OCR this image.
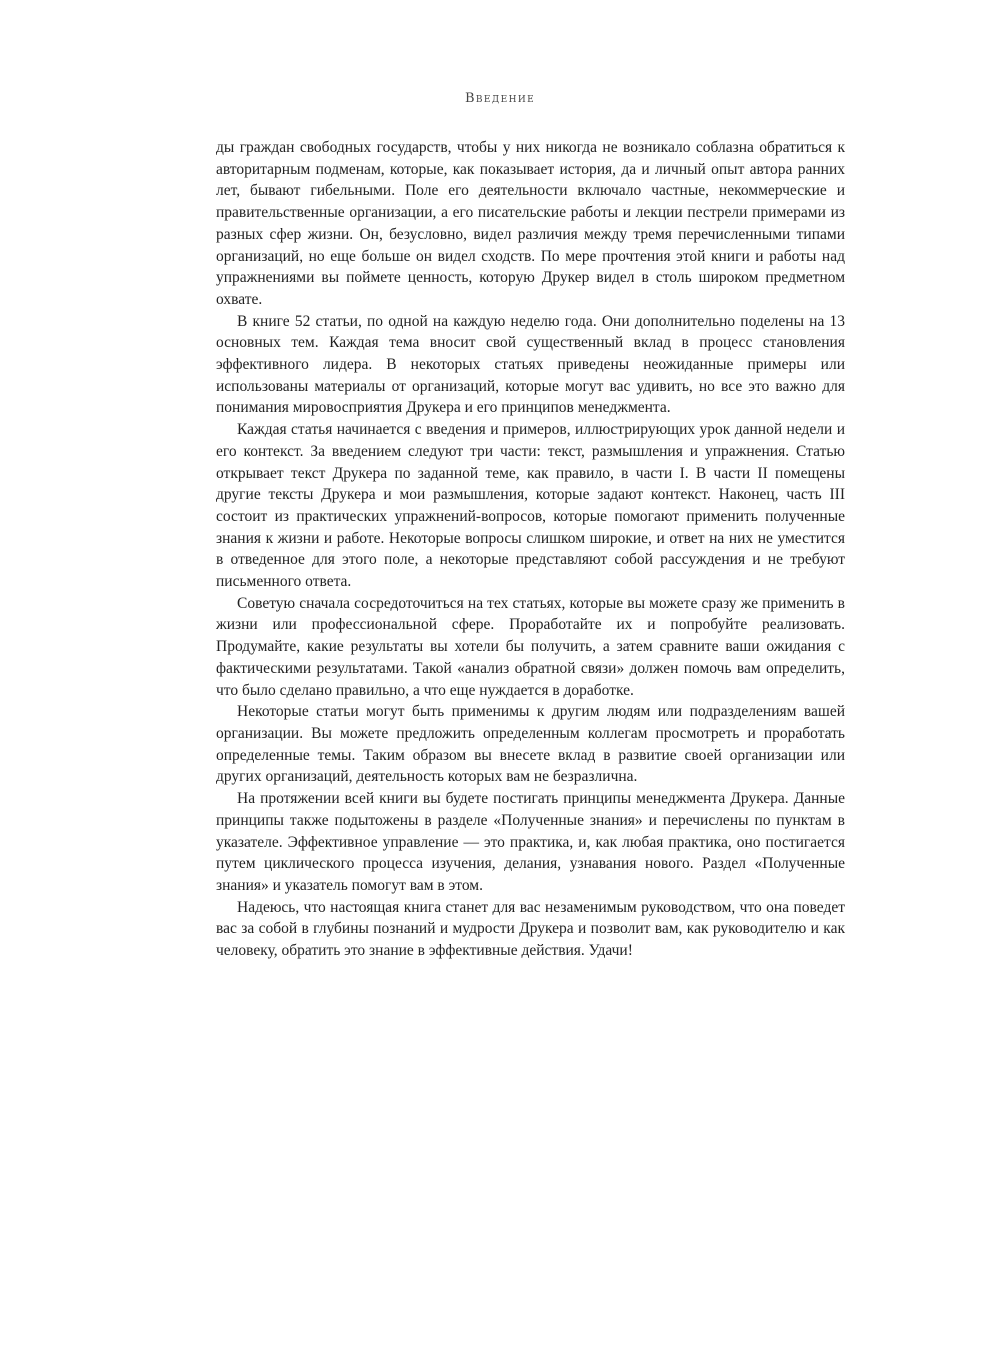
Введение

ды граждан свободных государств, чтобы у них никогда не возникало соблазна обратиться к авторитарным подменам, которые, как показывает история, да и личный опыт автора ранних лет, бывают гибельными. Поле его деятельности включало частные, некоммерческие и правительственные организации, а его писательские работы и лекции пестрели примерами из разных сфер жизни. Он, безусловно, видел различия между тремя перечисленными типами организаций, но еще больше он видел сходств. По мере прочтения этой книги и работы над упражнениями вы поймете ценность, которую Друкер видел в столь широком предметном охвате.

В книге 52 статьи, по одной на каждую неделю года. Они дополнительно поделены на 13 основных тем. Каждая тема вносит свой существенный вклад в процесс становления эффективного лидера. В некоторых статьях приведены неожиданные примеры или использованы материалы от организаций, которые могут вас удивить, но все это важно для понимания мировосприятия Друкера и его принципов менеджмента.

Каждая статья начинается с введения и примеров, иллюстрирующих урок данной недели и его контекст. За введением следуют три части: текст, размышления и упражнения. Статью открывает текст Друкера по заданной теме, как правило, в части I. В части II помещены другие тексты Друкера и мои размышления, которые задают контекст. Наконец, часть III состоит из практических упражнений-вопросов, которые помогают применить полученные знания к жизни и работе. Некоторые вопросы слишком широкие, и ответ на них не уместится в отведенное для этого поле, а некоторые представляют собой рассуждения и не требуют письменного ответа.

Советую сначала сосредоточиться на тех статьях, которые вы можете сразу же применить в жизни или профессиональной сфере. Проработайте их и попробуйте реализовать. Продумайте, какие результаты вы хотели бы получить, а затем сравните ваши ожидания с фактическими результатами. Такой «анализ обратной связи» должен помочь вам определить, что было сделано правильно, а что еще нуждается в доработке.

Некоторые статьи могут быть применимы к другим людям или подразделениям вашей организации. Вы можете предложить определенным коллегам просмотреть и проработать определенные темы. Таким образом вы внесете вклад в развитие своей организации или других организаций, деятельность которых вам не безразлична.

На протяжении всей книги вы будете постигать принципы менеджмента Друкера. Данные принципы также подытожены в разделе «Полученные знания» и перечислены по пунктам в указателе. Эффективное управление — это практика, и, как любая практика, оно постигается путем циклического процесса изучения, делания, узнавания нового. Раздел «Полученные знания» и указатель помогут вам в этом.

Надеюсь, что настоящая книга станет для вас незаменимым руководством, что она поведет вас за собой в глубины познаний и мудрости Друкера и позволит вам, как руководителю и как человеку, обратить это знание в эффективные действия. Удачи!
